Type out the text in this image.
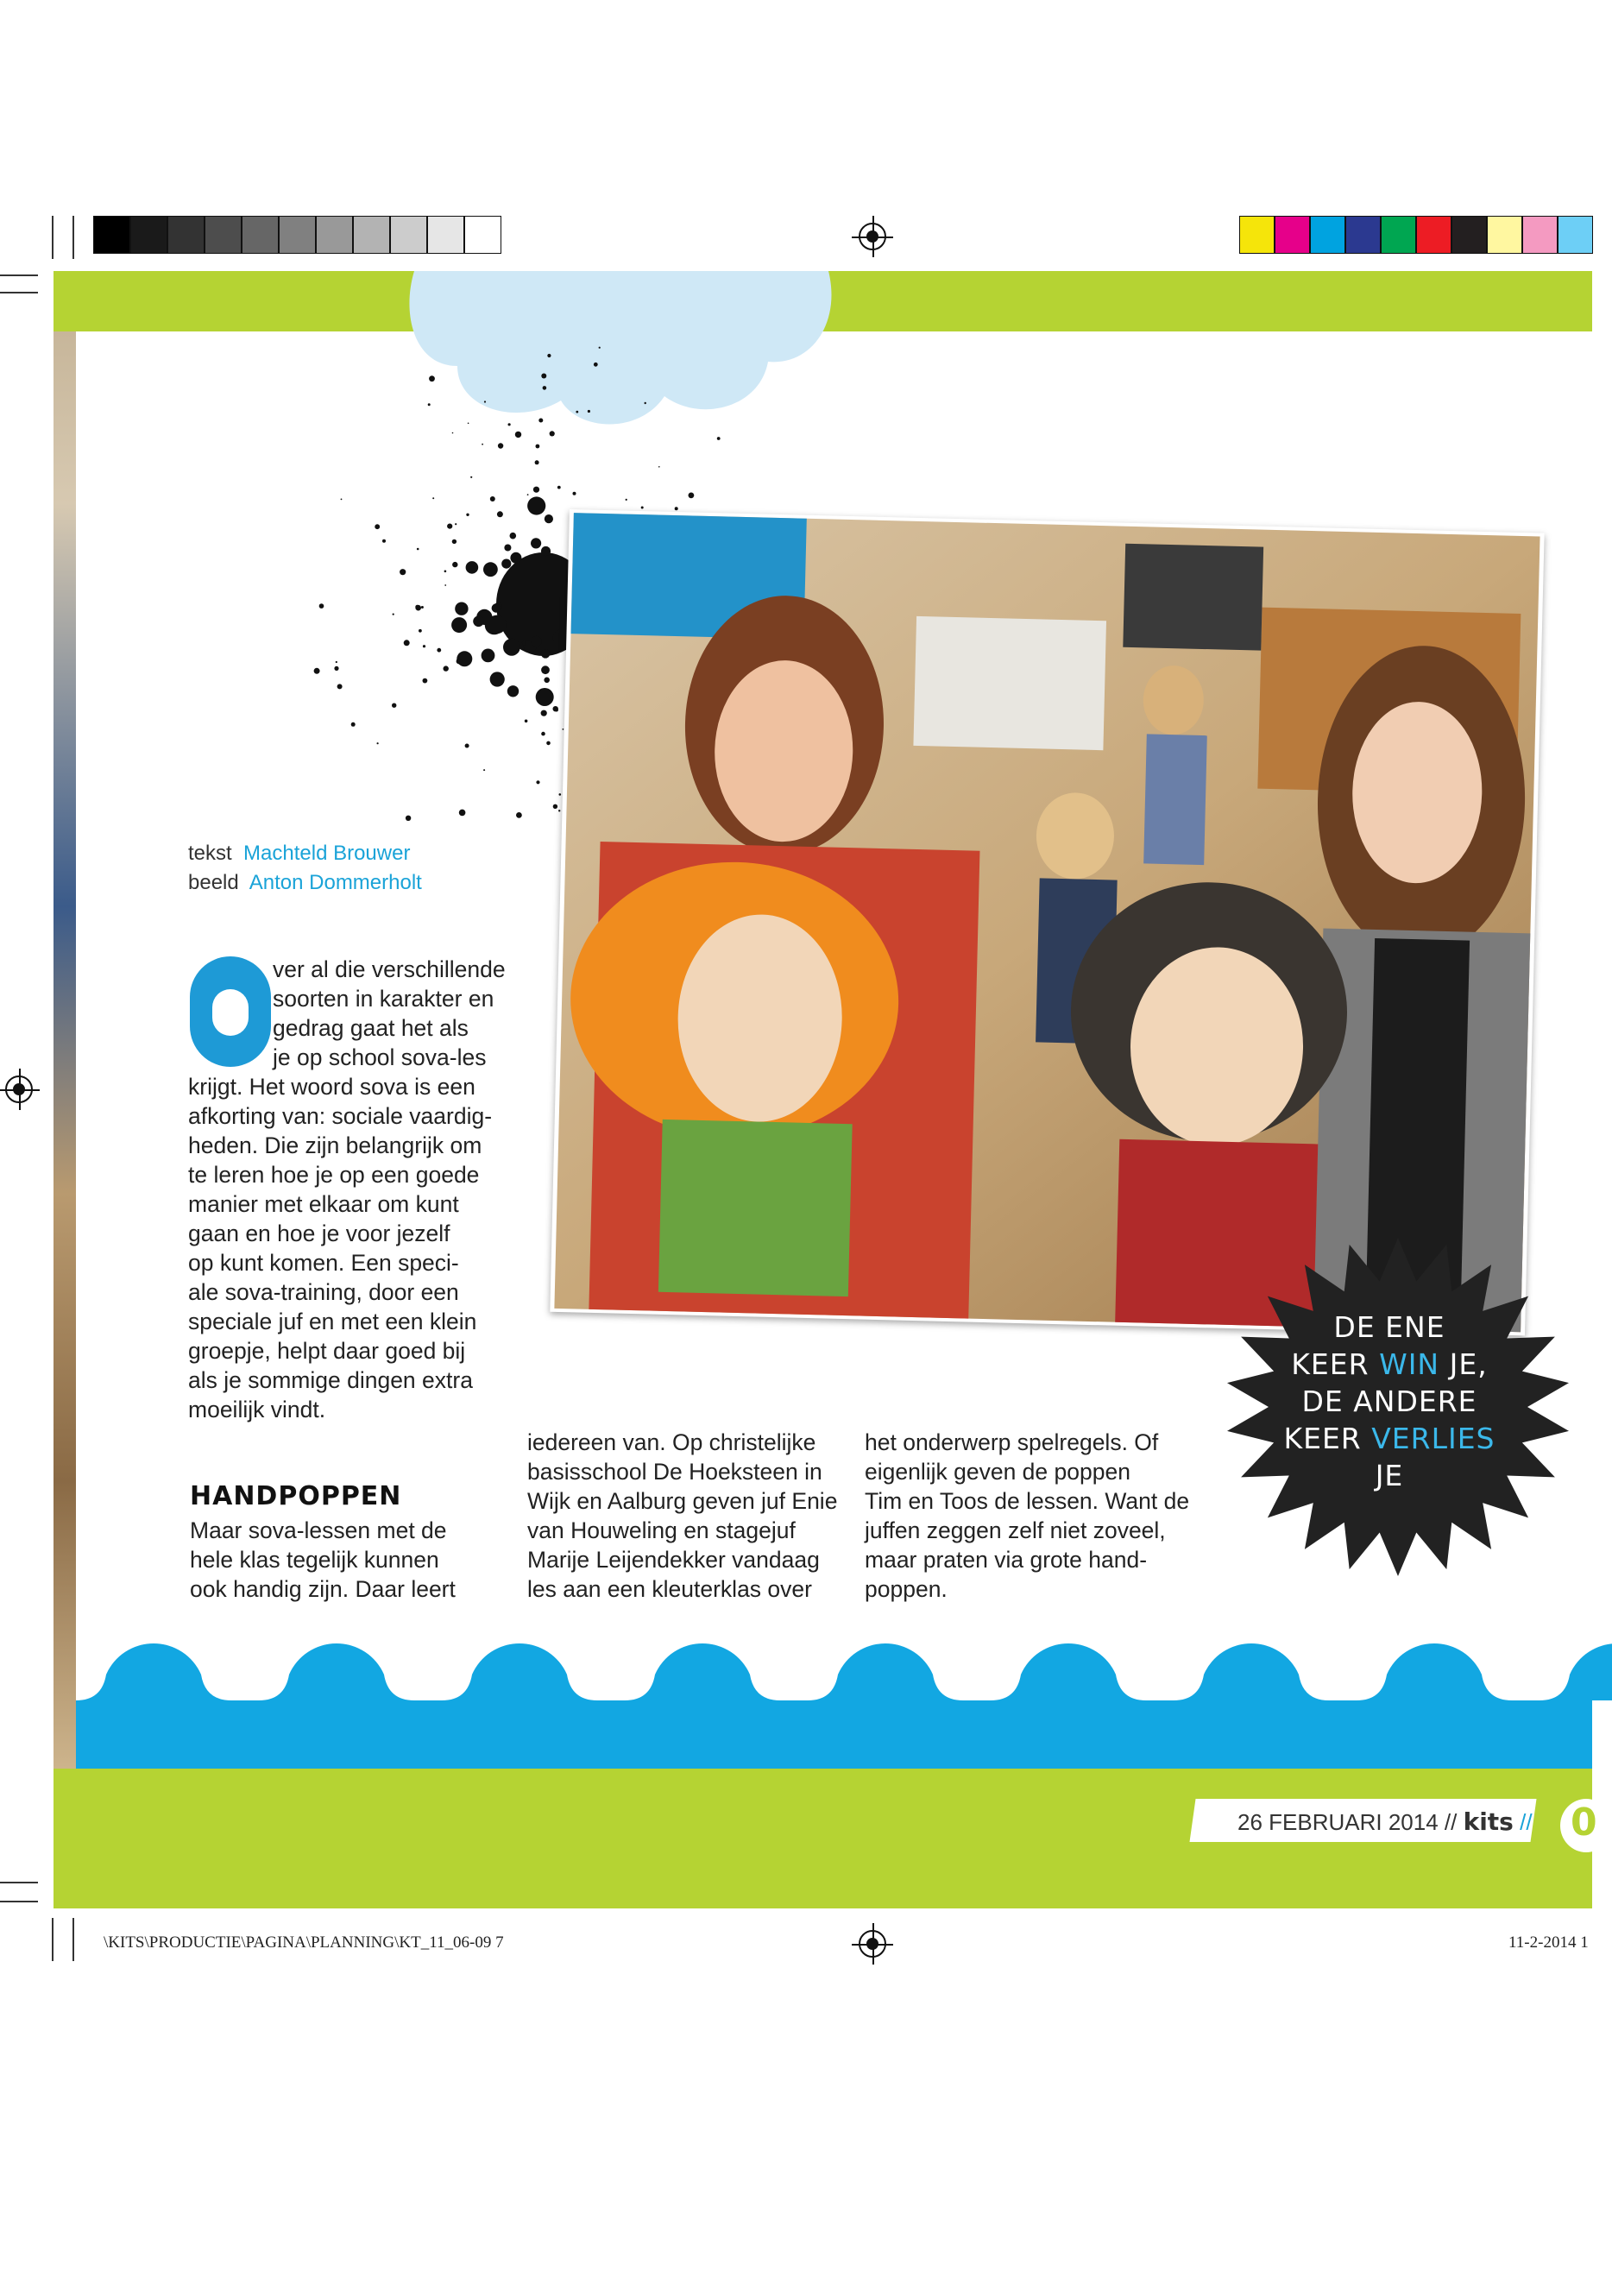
tekst Machteld Brouwer
beeld Anton Dommerholt
ver al die verschillende
soorten in karakter en
gedrag gaat het als
je op school sova-les
krijgt. Het woord sova is een
afkorting van: sociale vaardig-
heden. Die zijn belangrijk om
te leren hoe je op een goede
manier met elkaar om kunt
gaan en hoe je voor jezelf
op kunt komen. Een speci-
ale sova-training, door een
speciale juf en met een klein
groepje, helpt daar goed bij
als je sommige dingen extra
moeilijk vindt.
HANDPOPPEN
Maar sova-lessen met de
hele klas tegelijk kunnen
ook handig zijn. Daar leert
iedereen van. Op christelijke
basisschool De Hoeksteen in
Wijk en Aalburg geven juf Enie
van Houweling en stagejuf
Marije Leijendekker vandaag
les aan een kleuterklas over
het onderwerp spelregels. Of
eigenlijk geven de poppen
Tim en Toos de lessen. Want de
juffen zeggen zelf niet zoveel,
maar praten via grote hand-
poppen.
DE ENE
KEER WIN JE,
DE ANDERE
KEER VERLIES
JE
26 FEBRUARI 2014 // kits // 0
\KITS\PRODUCTIE\PAGINA\PLANNING\KT_11_06-09 7	11-2-2014 1
